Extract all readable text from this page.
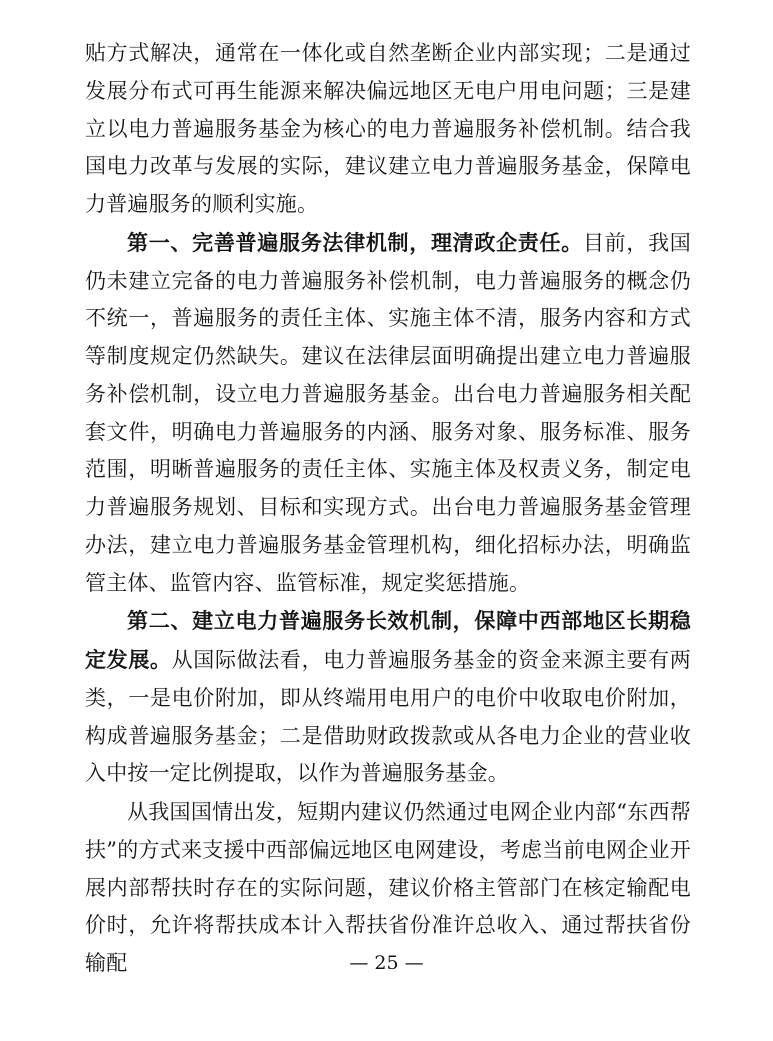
贴方式解决，通常在一体化或自然垄断企业内部实现；二是通过发展分布式可再生能源来解决偏远地区无电户用电问题；三是建立以电力普遍服务基金为核心的电力普遍服务补偿机制。结合我国电力改革与发展的实际，建议建立电力普遍服务基金，保障电力普遍服务的顺利实施。

第一、完善普遍服务法律机制，理清政企责任。目前，我国仍未建立完备的电力普遍服务补偿机制，电力普遍服务的概念仍不统一，普遍服务的责任主体、实施主体不清，服务内容和方式等制度规定仍然缺失。建议在法律层面明确提出建立电力普遍服务补偿机制，设立电力普遍服务基金。出台电力普遍服务相关配套文件，明确电力普遍服务的内涵、服务对象、服务标准、服务范围，明晰普遍服务的责任主体、实施主体及权责义务，制定电力普遍服务规划、目标和实现方式。出台电力普遍服务基金管理办法，建立电力普遍服务基金管理机构，细化招标办法，明确监管主体、监管内容、监管标准，规定奖惩措施。

第二、建立电力普遍服务长效机制，保障中西部地区长期稳定发展。从国际做法看，电力普遍服务基金的资金来源主要有两类，一是电价附加，即从终端用电用户的电价中收取电价附加，构成普遍服务基金；二是借助财政拨款或从各电力企业的营业收入中按一定比例提取，以作为普遍服务基金。

从我国国情出发，短期内建议仍然通过电网企业内部“东西帮扶”的方式来支援中西部偏远地区电网建设，考虑当前电网企业开展内部帮扶时存在的实际问题，建议价格主管部门在核定输配电价时，允许将帮扶成本计入帮扶省份准许总收入、通过帮扶省份输配	— 25 —
